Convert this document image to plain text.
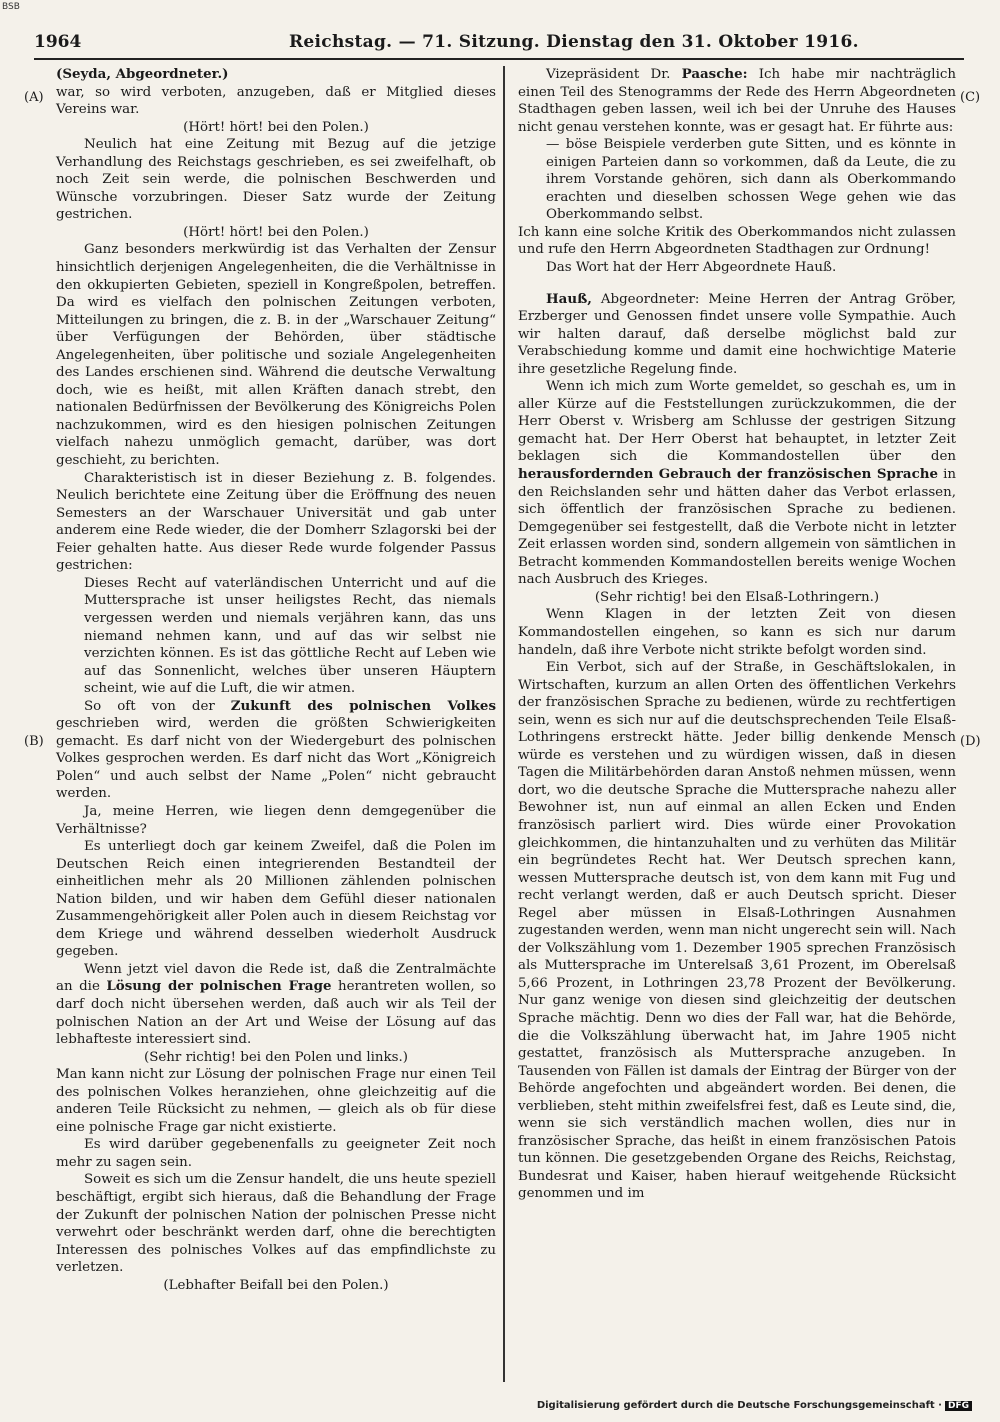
BSB
1964	Reichstag. — 71. Sitzung. Dienstag den 31. Oktober 1916.
(A)
(B)
(C)
(D)

(Seyda, Abgeordneter.)

war, so wird verboten, anzugeben, daß er Mitglied dieses Vereins war.

(Hört! hört! bei den Polen.)

Neulich hat eine Zeitung mit Bezug auf die jetzige Verhandlung des Reichstags geschrieben, es sei zweifelhaft, ob noch Zeit sein werde, die polnischen Beschwerden und Wünsche vorzubringen. Dieser Satz wurde der Zeitung gestrichen.

(Hört! hört! bei den Polen.)

Ganz besonders merkwürdig ist das Verhalten der Zensur hinsichtlich derjenigen Angelegenheiten, die die Verhältnisse in den okkupierten Gebieten, speziell in Kongreßpolen, betreffen. Da wird es vielfach den polnischen Zeitungen verboten, Mitteilungen zu bringen, die z. B. in der „Warschauer Zeitung“ über Verfügungen der Behörden, über städtische Angelegenheiten, über politische und soziale Angelegenheiten des Landes erschienen sind. Während die deutsche Verwaltung doch, wie es heißt, mit allen Kräften danach strebt, den nationalen Bedürfnissen der Bevölkerung des Königreichs Polen nachzukommen, wird es den hiesigen polnischen Zeitungen vielfach nahezu unmöglich gemacht, darüber, was dort geschieht, zu berichten.

Charakteristisch ist in dieser Beziehung z. B. folgendes. Neulich berichtete eine Zeitung über die Eröffnung des neuen Semesters an der Warschauer Universität und gab unter anderem eine Rede wieder, die der Domherr Szlagorski bei der Feier gehalten hatte. Aus dieser Rede wurde folgender Passus gestrichen:

Dieses Recht auf vaterländischen Unterricht und auf die Muttersprache ist unser heiligstes Recht, das niemals vergessen werden und niemals verjähren kann, das uns niemand nehmen kann, und auf das wir selbst nie verzichten können. Es ist das göttliche Recht auf Leben wie auf das Sonnenlicht, welches über unseren Häuptern scheint, wie auf die Luft, die wir atmen.

So oft von der Zukunft des polnischen Volkes geschrieben wird, werden die größten Schwierigkeiten gemacht. Es darf nicht von der Wiedergeburt des polnischen Volkes gesprochen werden. Es darf nicht das Wort „Königreich Polen“ und auch selbst der Name „Polen“ nicht gebraucht werden.

Ja, meine Herren, wie liegen denn demgegenüber die Verhältnisse?

Es unterliegt doch gar keinem Zweifel, daß die Polen im Deutschen Reich einen integrierenden Bestandteil der einheitlichen mehr als 20 Millionen zählenden polnischen Nation bilden, und wir haben dem Gefühl dieser nationalen Zusammengehörigkeit aller Polen auch in diesem Reichstag vor dem Kriege und während desselben wiederholt Ausdruck gegeben.

Wenn jetzt viel davon die Rede ist, daß die Zentralmächte an die Lösung der polnischen Frage herantreten wollen, so darf doch nicht übersehen werden, daß auch wir als Teil der polnischen Nation an der Art und Weise der Lösung auf das lebhafteste interessiert sind.

(Sehr richtig! bei den Polen und links.)

Man kann nicht zur Lösung der polnischen Frage nur einen Teil des polnischen Volkes heranziehen, ohne gleichzeitig auf die anderen Teile Rücksicht zu nehmen, — gleich als ob für diese eine polnische Frage gar nicht existierte.

Es wird darüber gegebenenfalls zu geeigneter Zeit noch mehr zu sagen sein.

Soweit es sich um die Zensur handelt, die uns heute speziell beschäftigt, ergibt sich hieraus, daß die Behandlung der Frage der Zukunft der polnischen Nation der polnischen Presse nicht verwehrt oder beschränkt werden darf, ohne die berechtigten Interessen des polnisches Volkes auf das empfindlichste zu verletzen.

(Lebhafter Beifall bei den Polen.)

Vizepräsident Dr. Paasche: Ich habe mir nachträglich einen Teil des Stenogramms der Rede des Herrn Abgeordneten Stadthagen geben lassen, weil ich bei der Unruhe des Hauses nicht genau verstehen konnte, was er gesagt hat. Er führte aus:

— böse Beispiele verderben gute Sitten, und es könnte in einigen Parteien dann so vorkommen, daß da Leute, die zu ihrem Vorstande gehören, sich dann als Oberkommando erachten und dieselben schossen Wege gehen wie das Oberkommando selbst.

Ich kann eine solche Kritik des Oberkommandos nicht zulassen und rufe den Herrn Abgeordneten Stadthagen zur Ordnung!

Das Wort hat der Herr Abgeordnete Hauß.

Hauß, Abgeordneter: Meine Herren der Antrag Gröber, Erzberger und Genossen findet unsere volle Sympathie. Auch wir halten darauf, daß derselbe möglichst bald zur Verabschiedung komme und damit eine hochwichtige Materie ihre gesetzliche Regelung finde.

Wenn ich mich zum Worte gemeldet, so geschah es, um in aller Kürze auf die Feststellungen zurückzukommen, die der Herr Oberst v. Wrisberg am Schlusse der gestrigen Sitzung gemacht hat. Der Herr Oberst hat behauptet, in letzter Zeit beklagen sich die Kommandostellen über den herausfordernden Gebrauch der französischen Sprache in den Reichslanden sehr und hätten daher das Verbot erlassen, sich öffentlich der französischen Sprache zu bedienen. Demgegenüber sei festgestellt, daß die Verbote nicht in letzter Zeit erlassen worden sind, sondern allgemein von sämtlichen in Betracht kommenden Kommandostellen bereits wenige Wochen nach Ausbruch des Krieges.

(Sehr richtig! bei den Elsaß-Lothringern.)

Wenn Klagen in der letzten Zeit von diesen Kommandostellen eingehen, so kann es sich nur darum handeln, daß ihre Verbote nicht strikte befolgt worden sind.

Ein Verbot, sich auf der Straße, in Geschäftslokalen, in Wirtschaften, kurzum an allen Orten des öffentlichen Verkehrs der französischen Sprache zu bedienen, würde zu rechtfertigen sein, wenn es sich nur auf die deutschsprechenden Teile Elsaß-Lothringens erstreckt hätte. Jeder billig denkende Mensch würde es verstehen und zu würdigen wissen, daß in diesen Tagen die Militärbehörden daran Anstoß nehmen müssen, wenn dort, wo die deutsche Sprache die Muttersprache nahezu aller Bewohner ist, nun auf einmal an allen Ecken und Enden französisch parliert wird. Dies würde einer Provokation gleichkommen, die hintanzuhalten und zu verhüten das Militär ein begründetes Recht hat. Wer Deutsch sprechen kann, wessen Muttersprache deutsch ist, von dem kann mit Fug und recht verlangt werden, daß er auch Deutsch spricht. Dieser Regel aber müssen in Elsaß-Lothringen Ausnahmen zugestanden werden, wenn man nicht ungerecht sein will. Nach der Volkszählung vom 1. Dezember 1905 sprechen Französisch als Muttersprache im Unterelsaß 3,61 Prozent, im Oberelsaß 5,66 Prozent, in Lothringen 23,78 Prozent der Bevölkerung. Nur ganz wenige von diesen sind gleichzeitig der deutschen Sprache mächtig. Denn wo dies der Fall war, hat die Behörde, die die Volkszählung überwacht hat, im Jahre 1905 nicht gestattet, französisch als Muttersprache anzugeben. In Tausenden von Fällen ist damals der Eintrag der Bürger von der Behörde angefochten und abgeändert worden. Bei denen, die verblieben, steht mithin zweifelsfrei fest, daß es Leute sind, die, wenn sie sich verständlich machen wollen, dies nur in französischer Sprache, das heißt in einem französischen Patois tun können. Die gesetzgebenden Organe des Reichs, Reichstag, Bundesrat und Kaiser, haben hierauf weitgehende Rücksicht genommen und im

Digitalisierung gefördert durch die Deutsche Forschungsgemeinschaft · DFG
